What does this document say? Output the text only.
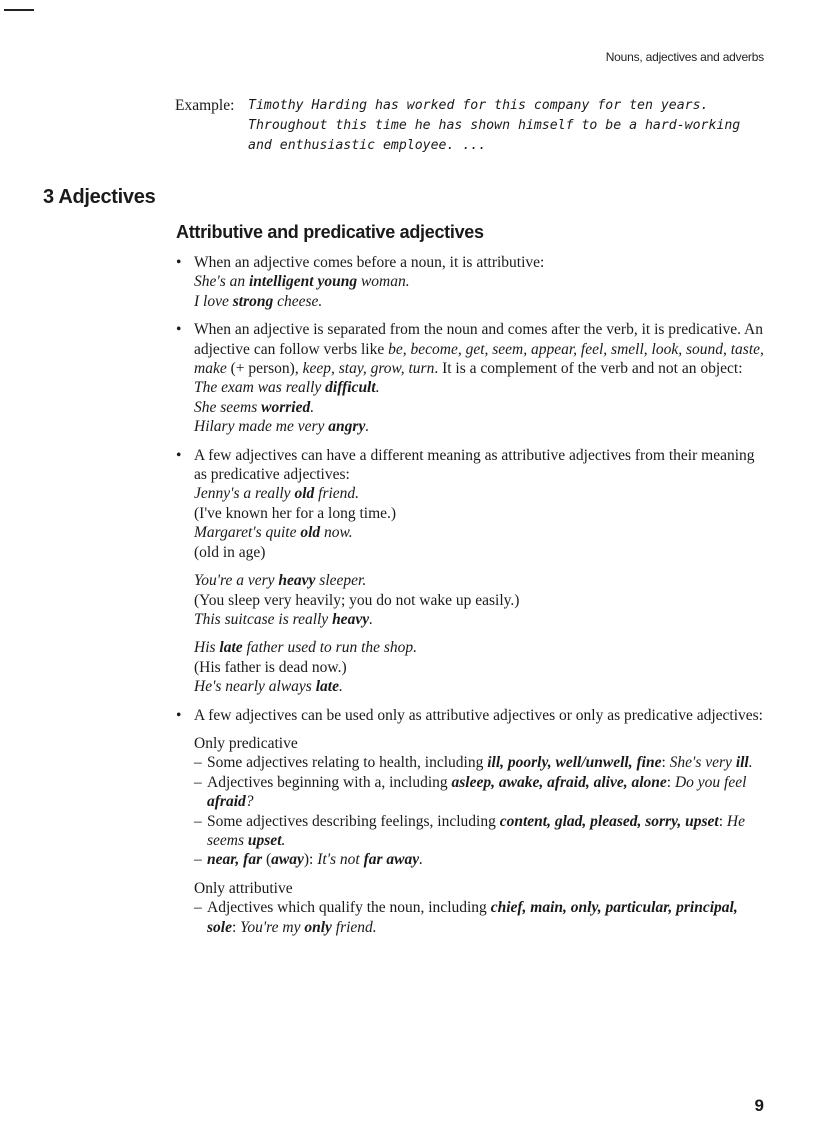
Nouns, adjectives and adverbs
Example: Timothy Harding has worked for this company for ten years.
Throughout this time he has shown himself to be a hard-working
and enthusiastic employee. ...
3 Adjectives
Attributive and predicative adjectives
• When an adjective comes before a noun, it is attributive:
She's an intelligent young woman.
I love strong cheese.
• When an adjective is separated from the noun and comes after the verb, it is predicative. An adjective can follow verbs like be, become, get, seem, appear, feel, smell, look, sound, taste, make (+ person), keep, stay, grow, turn. It is a complement of the verb and not an object:
The exam was really difficult.
She seems worried.
Hilary made me very angry.
• A few adjectives can have a different meaning as attributive adjectives from their meaning as predicative adjectives:
Jenny's a really old friend.
(I've known her for a long time.)
Margaret's quite old now.
(old in age)
You're a very heavy sleeper.
(You sleep very heavily; you do not wake up easily.)
This suitcase is really heavy.
His late father used to run the shop.
(His father is dead now.)
He's nearly always late.
• A few adjectives can be used only as attributive adjectives or only as predicative adjectives:
Only predicative
– Some adjectives relating to health, including ill, poorly, well/unwell, fine: She's very ill.
– Adjectives beginning with a, including asleep, awake, afraid, alive, alone: Do you feel afraid?
– Some adjectives describing feelings, including content, glad, pleased, sorry, upset: He seems upset.
– near, far (away): It's not far away.
Only attributive
– Adjectives which qualify the noun, including chief, main, only, particular, principal, sole: You're my only friend.
9
